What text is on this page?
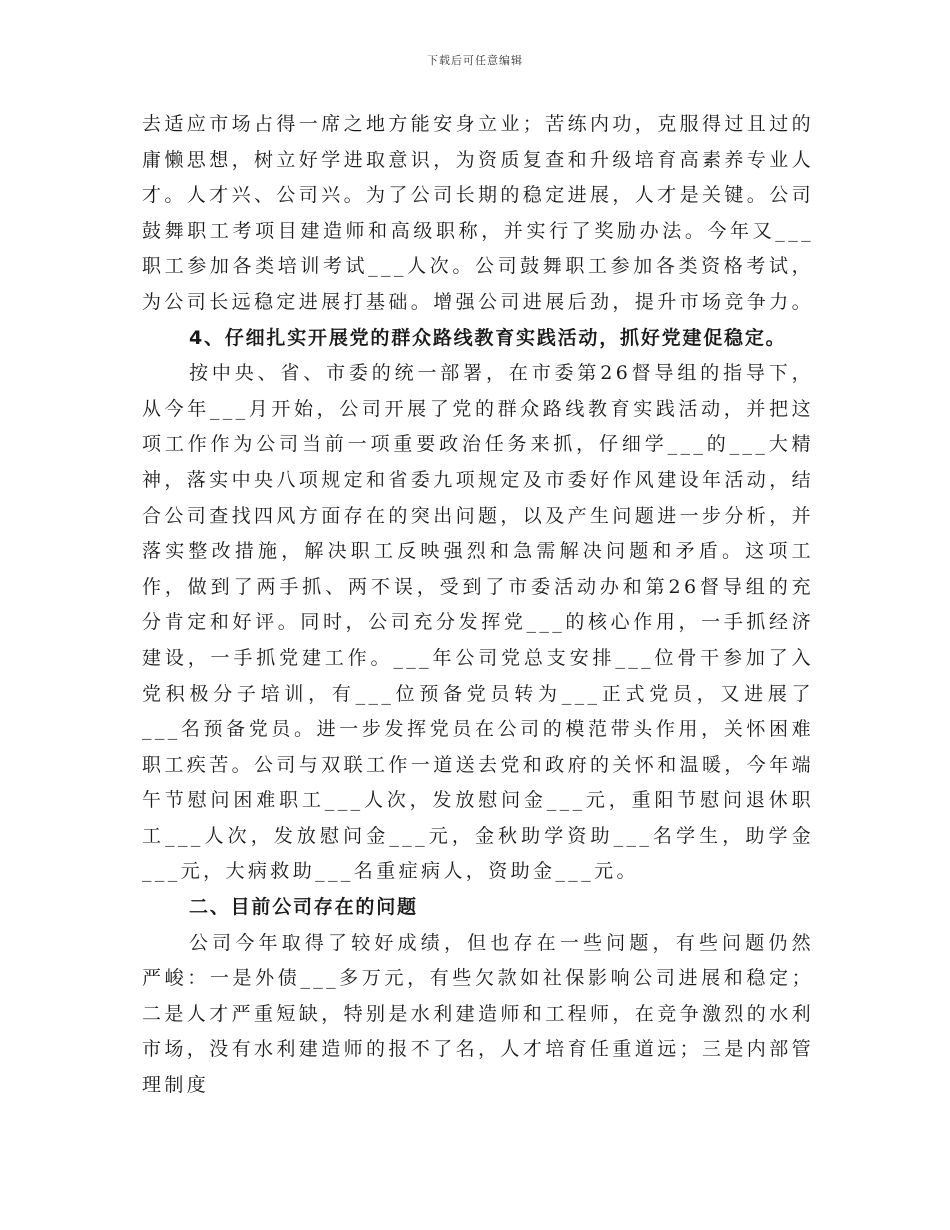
下载后可任意编辑

去适应市场占得一席之地方能安身立业；苦练内功，克服得过且过的庸懒思想，树立好学进取意识，为资质复查和升级培育高素养专业人才。人才兴、公司兴。为了公司长期的稳定进展，人才是关键。公司鼓舞职工考项目建造师和高级职称，并实行了奖励办法。今年又___职工参加各类培训考试___人次。公司鼓舞职工参加各类资格考试，为公司长远稳定进展打基础。增强公司进展后劲，提升市场竞争力。

4、仔细扎实开展党的群众路线教育实践活动，抓好党建促稳定。

按中央、省、市委的统一部署，在市委第26督导组的指导下，从今年___月开始，公司开展了党的群众路线教育实践活动，并把这项工作作为公司当前一项重要政治任务来抓，仔细学___的___大精神，落实中央八项规定和省委九项规定及市委好作风建设年活动，结合公司查找四风方面存在的突出问题，以及产生问题进一步分析，并落实整改措施，解决职工反映强烈和急需解决问题和矛盾。这项工作，做到了两手抓、两不误，受到了市委活动办和第26督导组的充分肯定和好评。同时，公司充分发挥党___的核心作用，一手抓经济建设，一手抓党建工作。___年公司党总支安排___位骨干参加了入党积极分子培训，有___位预备党员转为___正式党员，又进展了___名预备党员。进一步发挥党员在公司的模范带头作用，关怀困难职工疾苦。公司与双联工作一道送去党和政府的关怀和温暖，今年端午节慰问困难职工___人次，发放慰问金___元，重阳节慰问退休职工___人次，发放慰问金___元，金秋助学资助___名学生，助学金___元，大病救助___名重症病人，资助金___元。

二、目前公司存在的问题

公司今年取得了较好成绩，但也存在一些问题，有些问题仍然严峻：一是外债___多万元，有些欠款如社保影响公司进展和稳定；二是人才严重短缺，特别是水利建造师和工程师，在竞争激烈的水利市场，没有水利建造师的报不了名，人才培育任重道远；三是内部管理制度
